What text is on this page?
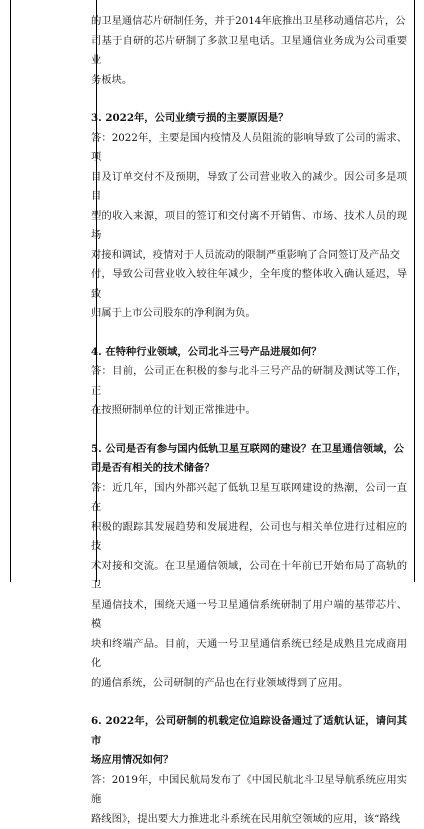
的卫星通信芯片研制任务，并于2014年底推出卫星移动通信芯片，公

司基于自研的芯片研制了多款卫星电话。卫星通信业务成为公司重要业

务板块。

3. 2022年，公司业绩亏损的主要原因是？

答：2022年，主要是国内疫情及人员阻流的影响导致了公司的需求、项

目及订单交付不及预期，导致了公司营业收入的减少。因公司多是项目

型的收入来源，项目的签订和交付离不开销售、市场、技术人员的现场

对接和调试，疫情对于人员流动的限制严重影响了合同签订及产品交

付，导致公司营业收入较往年减少，全年度的整体收入确认延迟，导致

归属于上市公司股东的净利润为负。

4. 在特种行业领域，公司北斗三号产品进展如何？

答：目前，公司正在积极的参与北斗三号产品的研制及测试等工作，正

在按照研制单位的计划正常推进中。

5. 公司是否有参与国内低轨卫星互联网的建设？在卫星通信领域，公

司是否有相关的技术储备？

答：近几年，国内外都兴起了低轨卫星互联网建设的热潮，公司一直在

积极的跟踪其发展趋势和发展进程，公司也与相关单位进行过相应的技

术对接和交流。在卫星通信领域，公司在十年前已开始布局了高轨的卫

星通信技术，围绕天通一号卫星通信系统研制了用户端的基带芯片、模

块和终端产品。目前，天通一号卫星通信系统已经是成熟且完成商用化

的通信系统，公司研制的产品也在行业领域得到了应用。

6. 2022年，公司研制的机载定位追踪设备通过了适航认证，请问其市

场应用情况如何？

答：2019年，中国民航局发布了《中国民航北斗卫星导航系统应用实施

路线图》，提出要大力推进北斗系统在民用航空领域的应用，该“路线
